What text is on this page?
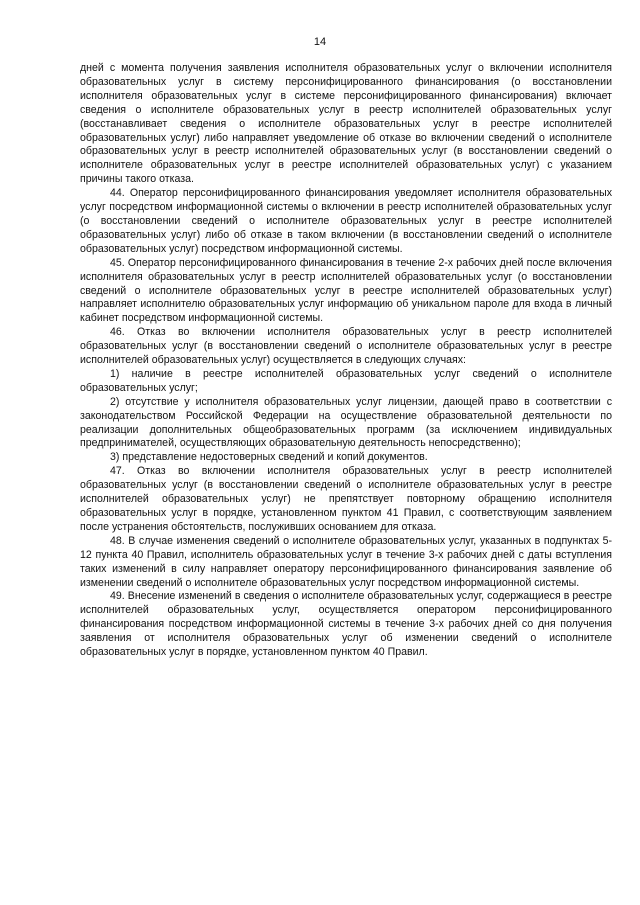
14

дней с момента получения заявления исполнителя образовательных услуг о включении исполнителя образовательных услуг в систему персонифицированного финансирования (о восстановлении исполнителя образовательных услуг в системе персонифицированного финансирования) включает сведения о исполнителе образовательных услуг в реестр исполнителей образовательных услуг (восстанавливает сведения о исполнителе образовательных услуг в реестре исполнителей образовательных услуг) либо направляет уведомление об отказе во включении сведений о исполнителе образовательных услуг в реестр исполнителей образовательных услуг (в восстановлении сведений о исполнителе образовательных услуг в реестре исполнителей образовательных услуг) с указанием причины такого отказа.

44. Оператор персонифицированного финансирования уведомляет исполнителя образовательных услуг посредством информационной системы о включении в реестр исполнителей образовательных услуг (о восстановлении сведений о исполнителе образовательных услуг в реестре исполнителей образовательных услуг) либо об отказе в таком включении (в восстановлении сведений о исполнителе образовательных услуг) посредством информационной системы.

45. Оператор персонифицированного финансирования в течение 2-х рабочих дней после включения исполнителя образовательных услуг в реестр исполнителей образовательных услуг (о восстановлении сведений о исполнителе образовательных услуг в реестре исполнителей образовательных услуг) направляет исполнителю образовательных услуг информацию об уникальном пароле для входа в личный кабинет посредством информационной системы.

46. Отказ во включении исполнителя образовательных услуг в реестр исполнителей образовательных услуг (в восстановлении сведений о исполнителе образовательных услуг в реестре исполнителей образовательных услуг) осуществляется в следующих случаях:

1) наличие в реестре исполнителей образовательных услуг сведений о исполнителе образовательных услуг;

2) отсутствие у исполнителя образовательных услуг лицензии, дающей право в соответствии с законодательством Российской Федерации на осуществление образовательной деятельности по реализации дополнительных общеобразовательных программ (за исключением индивидуальных предпринимателей, осуществляющих образовательную деятельность непосредственно);

3) представление недостоверных сведений и копий документов.

47. Отказ во включении исполнителя образовательных услуг в реестр исполнителей образовательных услуг (в восстановлении сведений о исполнителе образовательных услуг в реестре исполнителей образовательных услуг) не препятствует повторному обращению исполнителя образовательных услуг в порядке, установленном пунктом 41 Правил, с соответствующим заявлением после устранения обстоятельств, послуживших основанием для отказа.

48. В случае изменения сведений о исполнителе образовательных услуг, указанных в подпунктах 5-12 пункта 40 Правил, исполнитель образовательных услуг в течение 3-х рабочих дней с даты вступления таких изменений в силу направляет оператору персонифицированного финансирования заявление об изменении сведений о исполнителе образовательных услуг посредством информационной системы.

49. Внесение изменений в сведения о исполнителе образовательных услуг, содержащиеся в реестре исполнителей образовательных услуг, осуществляется оператором персонифицированного финансирования посредством информационной системы в течение 3-х рабочих дней со дня получения заявления от исполнителя образовательных услуг об изменении сведений о исполнителе образовательных услуг в порядке, установленном пунктом 40 Правил.
